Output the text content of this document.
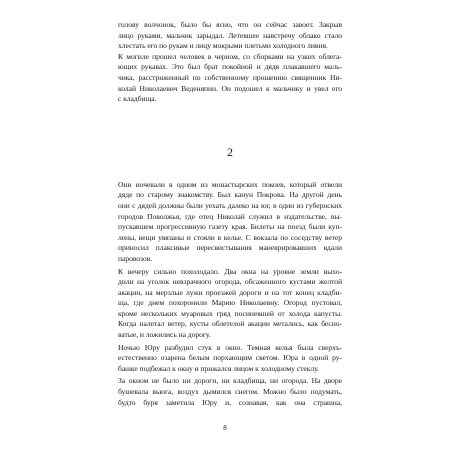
голову волчонок, было бы ясно, что он сейчас завоет. Закрыв

лицо руками, мальчик зарыдал. Летевшее навстречу облако стало

хлестать его по рукам и лицу мокрыми плетьми холодного ливня.

К могиле прошел человек в черном, со сборками на узких облега-

ющих рукавах. Это был брат покойной и дядя плакавшего маль-

чика, расстриженный по собственному прошению священник Ни-

колай Николаевич Веденяпин. Он подошел к мальчику и увел его

с кладбища.

2

Они ночевали в одном из монастырских покоев, который отвели

дяде по старому знакомству. Был канун Покрова. На другой день

они с дядей должны были уехать далеко на юг, в один из губернских

городов Поволжья, где отец Николай служил в издательстве, вы-

пускавшем прогрессивную газету края. Билеты на поезд были куп-

лены, вещи увязаны и стояли в келье. С вокзала по соседству ветер

приносил плаксивые пересвистывания маневрировавших вдали

паровозов.

К вечеру сильно похолодало. Два окна на уровне земли выхо-

дили на уголок невзрачного огорода, обсаженного кустами желтой

акации, на мерзлые лужи проезжей дороги и на тот конец кладби-

ща, где днем похоронили Марию Николаевну. Огород пустовал,

кроме нескольких муаровых гряд посиневшей от холода капусты.

Когда налетал ветер, кусты облетелой акации метались, как бесно-

ватые, и ложились на дорогу.

Ночью Юру разбудил стук в окно. Темная келья была сверхъ-

естественно озарена белым порхающим светом. Юра в одной ру-

башке подбежал к окну и прижался лицом к холодному стеклу.

За окном не было ни дороги, ни кладбища, ни огорода. На дворе

бушевала вьюга, воздух дымился снегом. Можно было подумать,

будто буря заметила Юру и, сознавая, как она страшна,

8
